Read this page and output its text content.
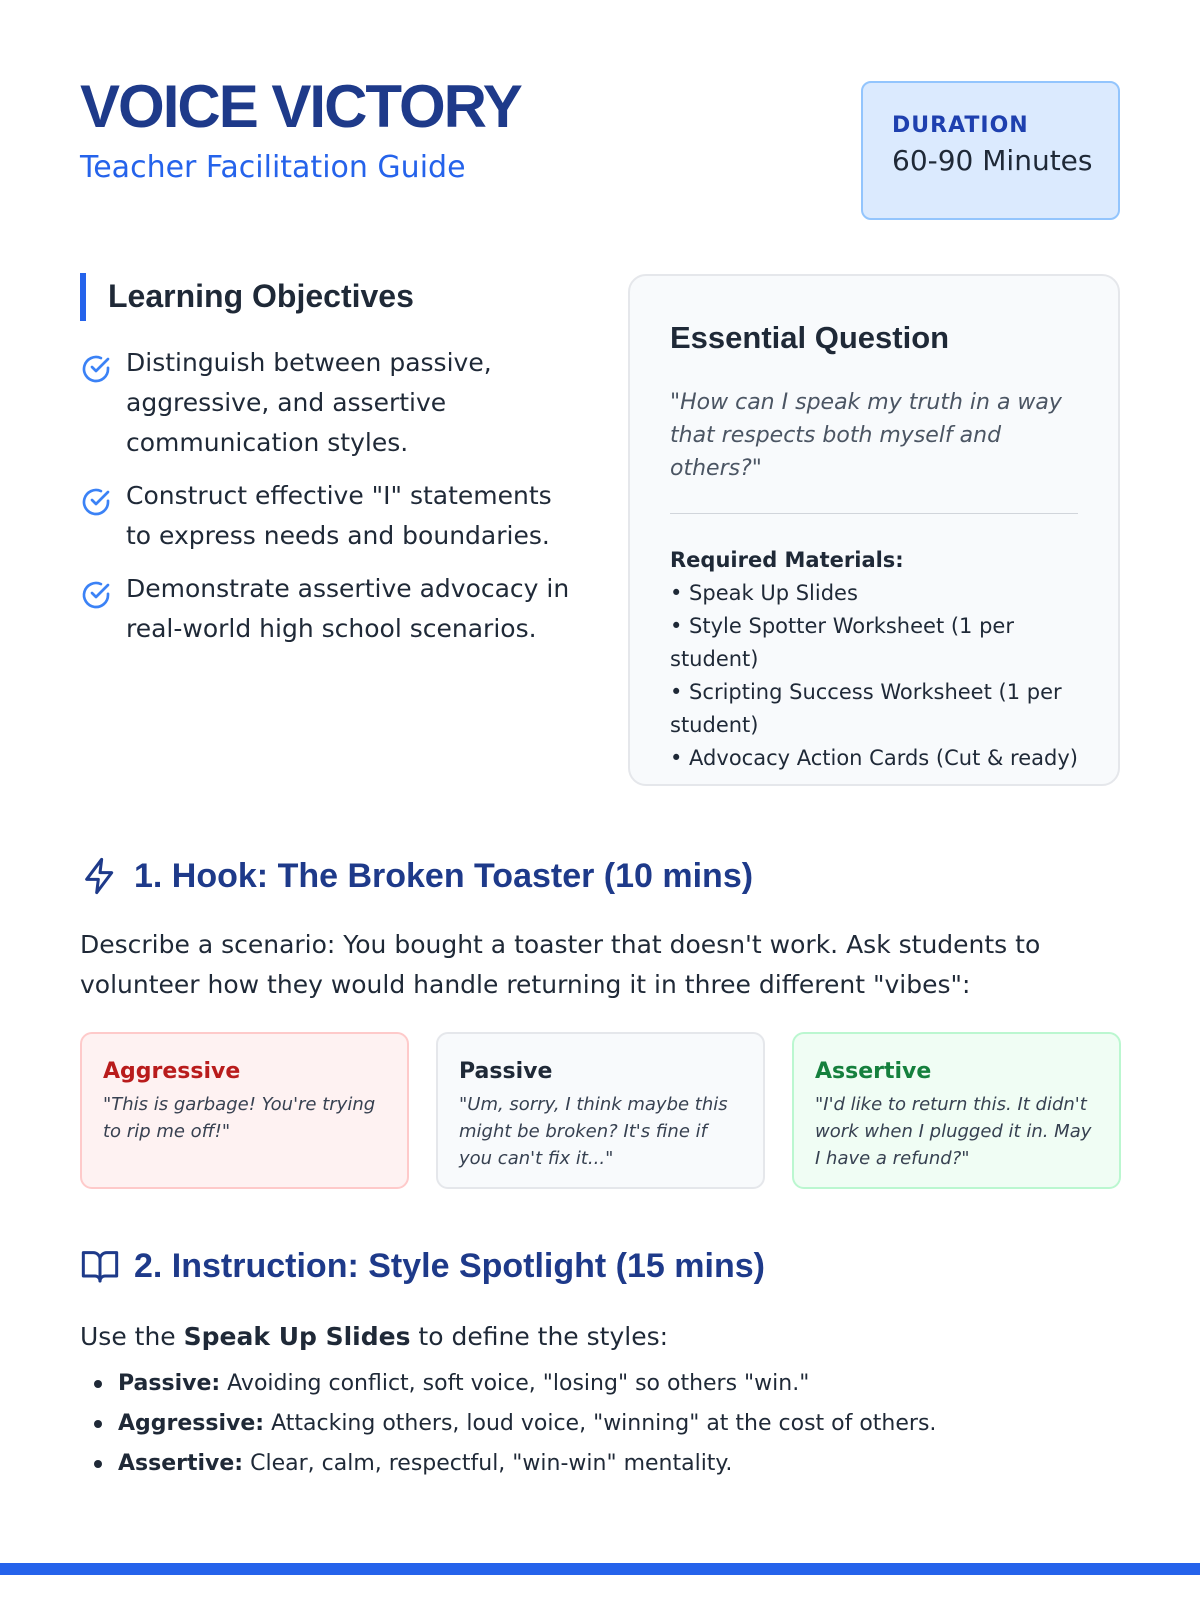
VOICE VICTORY
Teacher Facilitation Guide
DURATION
60-90 Minutes
Learning Objectives
Distinguish between passive, aggressive, and assertive communication styles.
Construct effective "I" statements to express needs and boundaries.
Demonstrate assertive advocacy in real-world high school scenarios.
Essential Question

"How can I speak my truth in a way that respects both myself and others?"

Required Materials:
• Speak Up Slides
• Style Spotter Worksheet (1 per student)
• Scripting Success Worksheet (1 per student)
• Advocacy Action Cards (Cut & ready)
1. Hook: The Broken Toaster (10 mins)

Describe a scenario: You bought a toaster that doesn't work. Ask students to volunteer how they would handle returning it in three different "vibes":

Aggressive
"This is garbage! You're trying to rip me off!"
Passive
"Um, sorry, I think maybe this might be broken? It's fine if you can't fix it..."
Assertive
"I'd like to return this. It didn't work when I plugged it in. May I have a refund?"
2. Instruction: Style Spotlight (15 mins)

Use the Speak Up Slides to define the styles:

Passive: Avoiding conflict, soft voice, "losing" so others "win."
Aggressive: Attacking others, loud voice, "winning" at the cost of others.
Assertive: Clear, calm, respectful, "win-win" mentality.
